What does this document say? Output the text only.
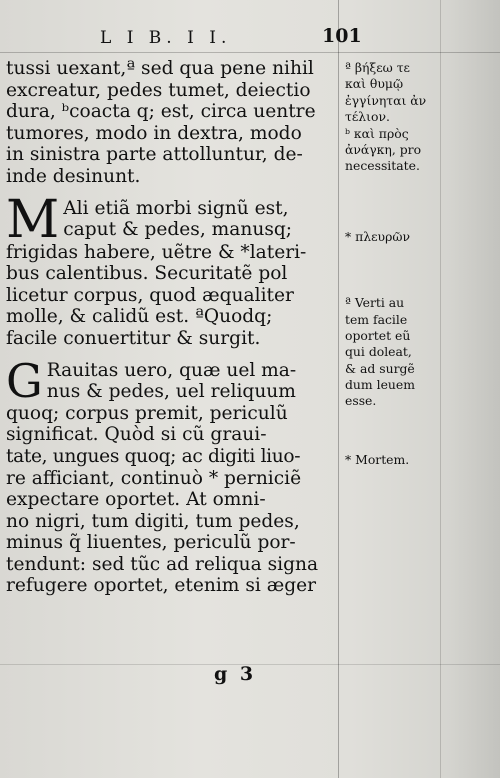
L I B. I I.	101
tussi uexant,ª sed qua pene nihil
excreatur, pedes tumet, deiectio
dura, ᵇcoacta q; est, circa uentre
tumores, modo in dextra, modo
in sinistra parte attolluntur, de-
inde desinunt.
M Ali etiã morbi signũ est,
caput & pedes, manusq;
frigidas habere, uẽtre & *lateri-
bus calentibus. Securitatẽ pol
licetur corpus, quod æqualiter
molle, & calidũ est. ªQuodq;
facile conuertitur & surgit.
G Rauitas uero, quæ uel ma-
nus & pedes, uel reliquum
quoq; corpus premit, periculũ
significat. Quòd si cũ graui-
tate, ungues quoq; ac digiti liuo-
re afficiant, continuò * perniciẽ
expectare oportet. At omni-
no nigri, tum digiti, tum pedes,
minus q̃ liuentes, periculũ por-
tendunt: sed tũc ad reliqua signa
refugere oportet, etenim si æger
ª βήξεω τε
καὶ θυμῷ
ἐγγίνηται ἀν
τέλιον.
ᵇ καὶ πρὸς
ἀνάγκη, pro
necessitate.
* πλευρῶν
ª Verti au
tem facile
oportet eũ
qui doleat,
& ad surgẽ
dum leuem
esse.
* Mortem.
g 3
